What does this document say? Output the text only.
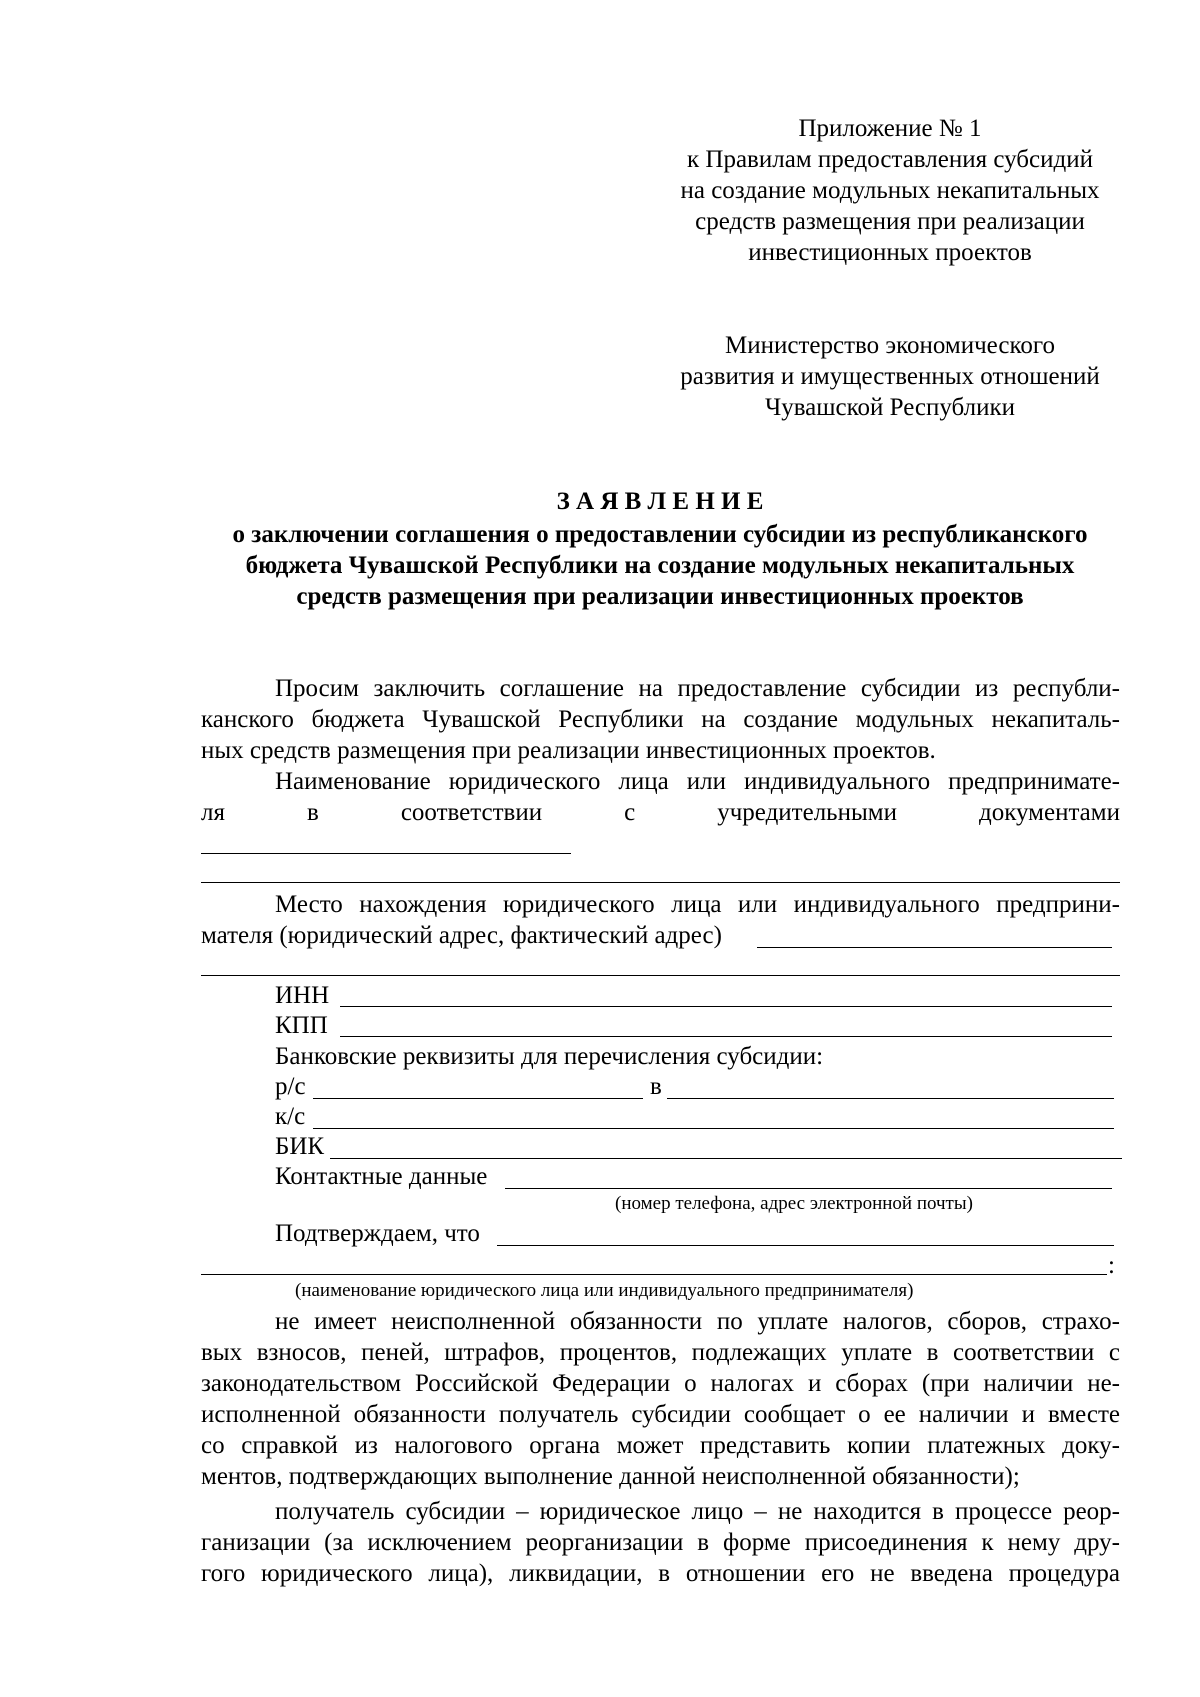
Приложение № 1
к Правилам предоставления субсидий
на создание модульных некапитальных
средств размещения при реализации
инвестиционных проектов
Министерство экономического
развития и имущественных отношений
Чувашской Республики
З А Я В Л Е Н И Е
о заключении соглашения о предоставлении субсидии из республиканского
бюджета Чувашской Республики на создание модульных некапитальных
средств размещения при реализации инвестиционных проектов
Просим заключить соглашение на предоставление субсидии из республи-
канского бюджета Чувашской Республики на создание модульных некапиталь-
ных средств размещения при реализации инвестиционных проектов.
Наименование юридического лица или индивидуального предпринимате-
ля	в	соответствии	с	учредительными	документами
Место нахождения юридического лица или индивидуального предприни-
мателя (юридический адрес, фактический адрес)
ИНН
КПП
Банковские реквизиты для перечисления субсидии:
р/с	в
к/с
БИК
Контактные данные
(номер телефона, адрес электронной почты)
Подтверждаем, что
:
(наименование юридического лица или индивидуального предпринимателя)
не имеет неисполненной обязанности по уплате налогов, сборов, страхо-
вых взносов, пеней, штрафов, процентов, подлежащих уплате в соответствии с
законодательством Российской Федерации о налогах и сборах (при наличии не-
исполненной обязанности получатель субсидии сообщает о ее наличии и вместе
со справкой из налогового органа может представить копии платежных доку-
ментов, подтверждающих выполнение данной неисполненной обязанности);
получатель субсидии – юридическое лицо – не находится в процессе реор-
ганизации (за исключением реорганизации в форме присоединения к нему дру-
гого юридического лица), ликвидации, в отношении его не введена процедура
